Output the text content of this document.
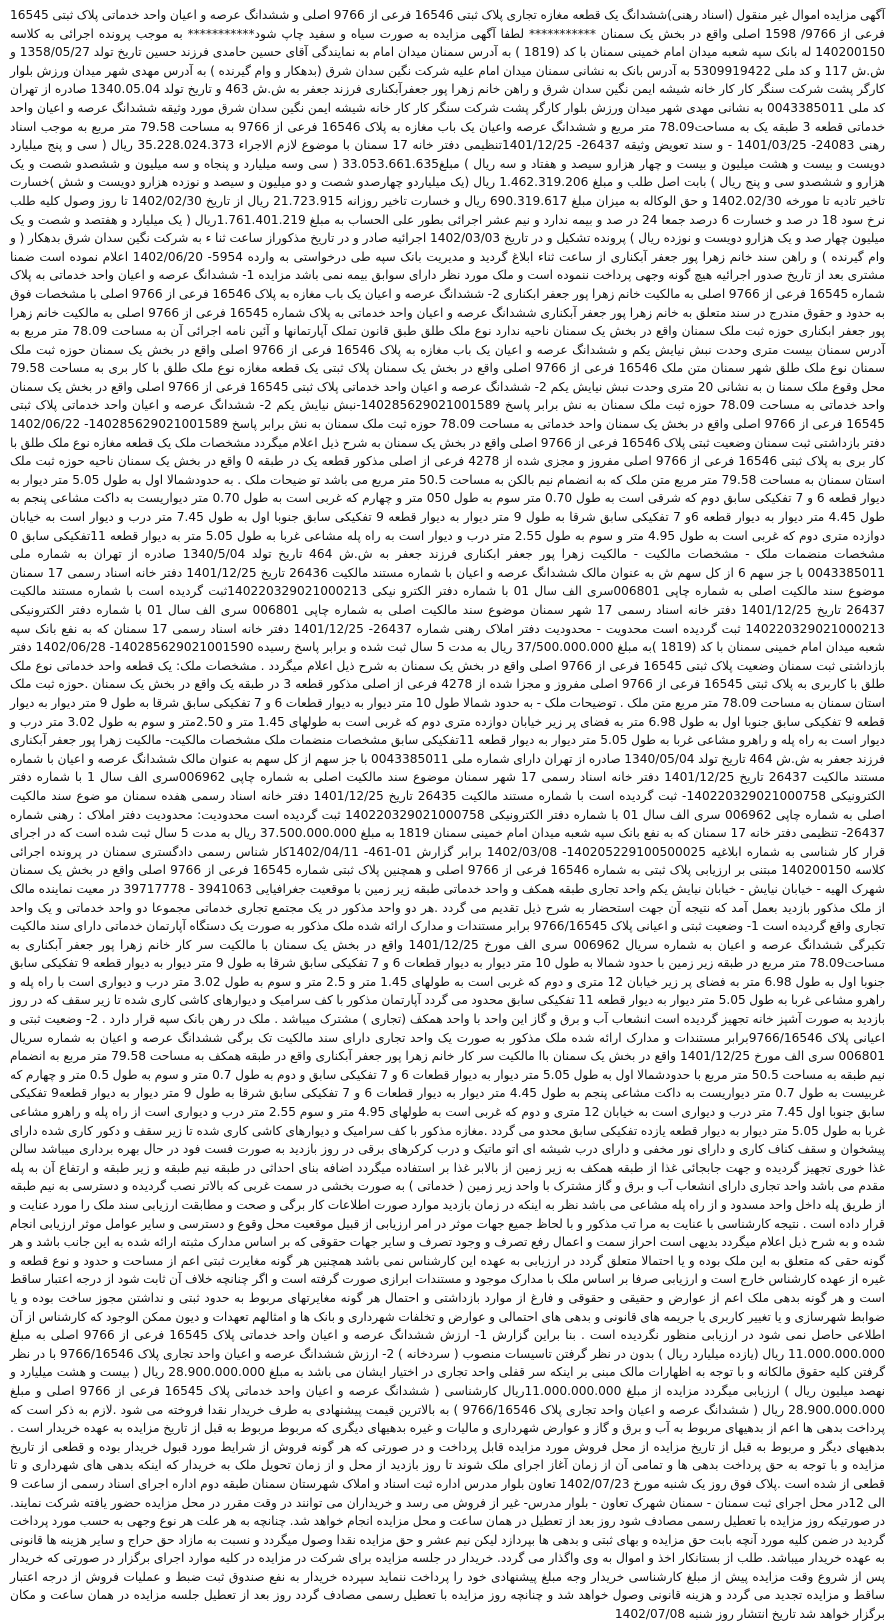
آگهی مزایده اموال غیر منقول (اسناد رهنی)ششدانگ یک قطعه مغازه تجاری پلاک ثبتی 16546 فرعی از 9766 اصلی و ششدانگ عرصه و اعیان واحد خدماتی پلاک ثبتی 16545 فرعی از 9766/ 1598 اصلی واقع در بخش یک سمنان *********** لطفا آگهی مزایده به صورت سیاه و سفید چاپ شود*********** به موجب پرونده اجرائی به کلاسه 140200150 له بانک سپه شعبه میدان امام خمینی سمنان با کد (1819 ) به آدرس سمنان میدان امام به نمایندگی آقای حسین حامدی فرزند حسین تاریخ تولد 1358/05/27 و ش.ش 117 و کد ملی 5309919422 به آدرس بانک به نشانی سمنان میدان امام علیه شرکت نگین سدان شرق (بدهکار و وام گیرنده ) به آدرس مهدی شهر میدان ورزش بلوار کارگر پشت شرکت سنگر کار کار خانه شیشه ایمن نگین سدان شرق و راهن خانم زهرا پور جعفرآبکناری فرزند جعفر به ش.ش 463 و تاریخ تولد 1340.05.04 صادره از تهران کد ملی 0043385011 به نشانی مهدی شهر میدان ورزش بلوار کارگر پشت شرکت سنگر کار کار خانه شیشه ایمن نگین سدان شرق مورد وثیقه ششدانگ عرصه و اعیان واحد خدماتی قطعه 3 طبقه یک به مساحت78.09 متر مربع و ششدانگ عرصه واعیان یک باب مغازه به پلاک 16546 فرعی از 9766 به مساحت 79.58 متر مربع به موجب اسناد رهنی 24083- 1401/03/25 - و سند تعویض وثیقه 26437- 1401/12/25تنظیمی دفتر خانه 17 سمنان با موضوع لازم الاجراء 35.228.024.373 ریال ( سی و پنج میلیارد دویست و بیست و هشت میلیون و بیست و چهار هزارو سیصد و هفتاد و سه ریال ) مبلغ33.053.661.635 ( سی وسه میلیارد و پنجاه و سه میلیون و ششصدو شصت و یک هزارو و ششصدو سی و پنج ریال ) بابت اصل طلب و مبلغ 1.462.319.206 ریال (یک میلیاردو چهارصدو شصت و دو میلیون و سیصد و نوزده هزارو دویست و شش )خسارت تاخیر تادیه تا مورخه 1402.02/30 و حق الوکاله به میزان مبلغ 690.319.617 ریال و خسارت تاخیر روزانه 21.723.915 ریال از تاریخ 1402/02/30 تا روز وصول کلیه طلب نرخ سود 18 در صد و خسارت 6 درصد جمعا 24 در صد و بیمه ندارد و نیم عشر اجرائی بطور علی الحساب به مبلغ 1.761.401.219ریال ( یک میلیارد و هفتصد و شصت و یک میلیون چهار صد و یک هزارو دویست و نوزده ریال ) پرونده تشکیل و در تاریخ 1402/03/03 اجرائیه صادر و در تاریخ مذکوراز ساعت ثنا ء به شرکت نگین سدان شرق بدهکار ( و وام گیرنده ) و راهن سند خانم زهرا پور جعفر آبکناری از ساعت ثناء ابلاغ گردید و مدیریت بانک سپه طی درخواستی به وارده 5954- 1402/06/20 اعلام نموده است ضمنا مشتری بعد از تاریخ صدور اجرائیه هیچ گونه وجهی پرداخت ننموده است و ملک مورد نظر دارای سوابق بیمه نمی باشد مزایده 1- ششدانگ عرصه و اعیان واحد خدماتی به پلاک شماره 16545 فرعی از 9766 اصلی به مالکیت خانم زهرا پور جعفر ابکناری 2- ششدانگ عرصه و اعیان یک باب مغازه به پلاک 16546 فرعی از 9766 اصلی با مشخصات فوق به حدود و حقوق مندرج در سند متعلق به خانم زهرا پور جعفر آبکناری ششدانگ عرصه و اعیان واحد خدماتی به پلاک شماره 16545 فرعی از 9766 اصلی به مالکیت خانم زهرا پور جعفر ابکناری حوزه ثبت ملک سمنان واقع در بخش یک سمنان ناحیه ندارد نوع ملک طلق طبق قانون تملک آپارتمانها و آئین نامه اجرائی آن به مساحت 78.09 متر مربع به آدرس سمنان بیست متری وحدت نبش نیایش یکم و ششدانگ عرصه و اعیان یک باب مغازه به پلاک 16546 فرعی از 9766 اصلی واقع در بخش یک سمنان حوزه ثبت ملک سمنان نوع ملک طلق شهر سمنان متن ملک 16546 فرعی از 9766 اصلی واقع در بخش یک سمنان پلاک ثبتی یک قطعه مغازه نوع ملک طلق با کار بری به مساحت 79.58 محل وقوع ملک سمنا ن به نشانی 20 متری وحدت نبش نیایش یکم 2- ششدانگ عرصه و اعیان واحد خدماتی پلاک ثبتی 16545 فرعی از 9766 اصلی واقع در بخش یک سمنان واحد خدماتی به مساحت 78.09 حوزه ثبت ملک سمنان به نش برابر پاسخ 140285629021001589-نبش نیایش یکم 2- ششدانگ عرصه و اعیان واحد خدماتی پلاک ثبتی 16545 فرعی از 9766 اصلی واقع در بخش یک سمنان واحد خدماتی به مساحت 78.09 حوزه ثبت ملک سمنان به نش برابر پاسخ 140285629021001589- 1402/06/22 دفتر بازداشتی ثبت سمنان وضعیت ثبتی پلاک 16546 فرعی از 9766 اصلی واقع در بخش یک سمنان به شرح ذیل اعلام میگردد مشخصات ملک یک قطعه مغازه نوع ملک طلق با کار بری به پلاک ثبتی 16546 فرعی از 9766 اصلی مفروز و مجزی شده از 4278 فرعی از اصلی مذکور قطعه یک در طبقه 0 واقع در بخش یک سمنان ناحیه حوزه ثبت ملک استان سمنان به مساحت 79.58 متر مربع متن ملک که به انضمام نیم بالکن به مساحت 50.5 متر مربع می باشد تو ضیحات ملک . به حدودشمالا اول به طول 5.05 متر دیوار به دیوار قطعه 6 و 7 تفکیکی سابق دوم که شرقی است به طول 0.70 متر سوم به طول 050 متر و چهارم که غربی است به طول 0.70 متر دیواریست به داکت مشاعی پنجم به طول 4.45 متر دیوار به دیوار قطعه 6و 7 تفکیکی سابق شرقا به طول 9 متر دیوار به دیوار قطعه 9 تفکیکی سابق جنوبا اول به طول 7.45 متر درب و دیوار است به خیابان دوازده متری دوم که غربی است به طول 4.95 متر و سوم به طول 2.55 متر درب و دیوار است به راه پله مشاعی غربا به طول 5.05 متر به دیوار قطعه 11تفکیکی سابق 0 مشخصات منضمات ملک - مشخصات مالکیت - مالکیت زهرا پور جعفر ابکناری فرزند جعفر به ش.ش 464 تاریخ تولد 1340/5/04 صادره از تهران به شماره ملی 0043385011 با جز سهم 6 از کل سهم ش به عنوان مالک ششدانگ عرصه و اعیان با شماره مستند مالکیت 26436 تاریخ 1401/12/25 دفتر خانه اسناد رسمی 17 سمنان موضوع سند مالکیت اصلی به شماره چاپی 006801سری الف سال 01 با شماره دفتر الکترو نیکی 140220329021000213ثبت گردیده است با شماره مستند مالکیت 26437 تاریخ 1401/12/25 دفتر خانه اسناد رسمی 17 شهر سمنان موضوع سند مالکیت اصلی به شماره چاپی 006801 سری الف سال 01 با شماره دفتر الکترونیکی 140220329021000213 ثبت گردیده است محدویت - محدودیت دفتر املاک رهنی شماره 26437- 1401/12/25 دفتر خانه اسناد رسمی 17 سمنان که به نفع بانک سپه شعبه میدان امام خمینی سمنان با کد (1819 )به مبلغ 37/500.000.000 ریال به مدت 5 سال ثبت شده و برابر پاسخ رسیده 140285629021001590- 1402/06/28 دفتر بازداشتی ثبت سمنان وضعیت پلاک ثبتی 16545 فرعی از 9766 اصلی واقع در بخش یک سمنان به شرح ذیل اعلام میگردد . مشخصات ملک: یک قطعه واحد خدماتی نوع ملک طلق با کاربری به پلاک ثبتی 16545 فرعی از 9766 اصلی مفروز و مجزا شده از 4278 فرعی از اصلی مذکور قطعه 3 در طبقه یک واقع در بخش یک سمنان .حوزه ثبت ملک استان سمنان به مساحت 78.09 متر مربع متن ملک . توضیحات ملک - به حدود شمالا طول 10 متر دیوار به دیوار قطعات 6 و 7 تفکیکی سابق شرقا به طول 9 متر دیوار به دیوار قطعه 9 تفکیکی سابق جنوبا اول به طول 6.98 متر به فضای پر زیر خیابان دوازده متری دوم که غربی است به طولهای 1.45 متر و 2.50متر و سوم به طول 3.02 متر درب و دیوار است به راه پله و راهرو مشاعی غربا به طول 5.05 متر دیوار به دیوار قطعه 11تفکیکی سابق مشخصات منضمات ملک مشخصات مالکیت- مالکیت زهرا پور جعفر آبکناری فرزند جعفر به ش.ش 464 تاریخ تولد 1340/05/04 صادره از تهران دارای شماره ملی 0043385011 با جز سهم از کل سهم به عنوان مالک ششدانگ عرصه و اعیان با شماره مستند مالکیت 26437 تاریخ 1401/12/25 دفتر خانه اسناد رسمی 17 شهر سمنان موضوع سند مالکیت اصلی به شماره چاپی 006962سری الف سال 1 با شماره دفتر الکترونیکی 140220329021000758- ثبت گردیده است با شماره مستند مالکیت 26435 تاریخ 1401/12/25 دفتر خانه اسناد رسمی هفده سمنان مو ضوع سند مالکیت اصلی به شماره چاپی 006962 سری الف سال 01 با شماره دفتر الکترونیکی 140220329021000758 ثبت گردیده است محدودیت: محدودیت دفتر املاک : رهنی شماره 26437- تنظیمی دفتر خانه 17 سمنان که به نفع بانک سپه شعبه میدان امام خمینی سمنان 1819 به مبلغ 37.500.000.000 ریال به مدت 5 سال ثبت شده است که در اجرای قرار کار شناسی به شماره ابلاغیه 140205229100500025- 1402/03/08 برابر گزارش 01-461- 1402/04/11کار شناس رسمی دادگستری سمنان در پرونده اجرائی کلاسه 140200150 مبتنی بر ارزیابی پلاک ثبتی به شماره 16546 فرعی از 9766 اصلی و همچنین پلاک ثبتی شماره 16545 فرعی از 9766 اصلی واقع در بخش یک سمنان شهرک الهیه - خیابان نیایش - خیابان نیایش یکم واحد تجاری طبقه همکف و واحد خدماتی طبقه زیر زمین با موقعیت جغرافیایی 3941063 - 39717778 در معیت نماینده مالک از ملک مذکور بازدید بعمل آمد که نتیجه آن جهت استحضار به شرح ذیل تقدیم می گردد .هر دو واحد مذکور در یک مجتمع تجاری خدماتی مجموعا دو واحد خدماتی و یک واحد تجاری واقع گردیده است 1- وضعیت ثبتی و اعیانی پلاک 9766/16545 برابر مستندات و مدارک ارائه شده ملک مذکور به صورت یک دستگاه آپارتمان خدماتی دارای سند مالکیت تکبرگی ششدانگ عرصه و اعیان به شماره سریال 006962 سری الف مورخ 1401/12/25 واقع در بخش یک سمنان با مالکیت سر کار خانم زهرا پور جعفر آبکناری به مساحت78.09 متر مربع در طبقه زیر زمین با حدود شمالا به طول 10 متر دیوار به دیوار قطعات 6 و 7 تفکیکی سابق شرقا به طول 9 متر دیوار به دیوار قطعه 9 تفکیکی سابق جنوبا اول به طول 6.98 متر به فضای پر زیر خیابان 12 متری و دوم که غربی است به طولهای 1.45 متر و 2.5 متر و سوم به طول 3.02 متر درب و دیواری است با راه پله و راهرو مشاعی غربا به طول 5.05 متر دیوار به دیوار قطعه 11 تفکیکی سابق محدود می گردد آپارتمان مذکور با کف سرامیک و دیوارهای کاشی کاری شده تا زیر سقف که در روز بازدید به صورت آشپز خانه تجهیز گردیده است انشعاب آب و برق و گاز این واحد با واحد همکف (تجاری ) مشترک میباشد . ملک در رهن بانک سپه قرار دارد . 2- وضعیت ثبتی و اعیانی پلاک 9766/16546برابر مستندات و مدارک ارائه شده ملک مذکور به صورت یک واحد تجاری دارای سند مالکیت تک برگی ششدانگ عرصه و اعیان به شماره سریال 006801 سری الف مورخ 1401/12/25 واقع در بخش یک سمنان باا مالکیت سر کار خانم زهرا پور جعفر آبکناری واقع در طبقه همکف به مساحت 79.58 متر مربع به انضمام نیم طبقه به مساحت 50.5 متر مربع با حدودشمالا اول به طول 5.05 متر دیوار به دیوار قطعات 6 و 7 تفکیکی سابق و دوم به طول 0.7 متر و سوم به طول 0.5 متر و چهارم که غربیست به طول 0.7 متر دیواریست به داکت مشاعی پنجم به طول 4.45 متر دیوار به دیوار قطعات 6 و 7 تفکیکی سابق شرقا به طول 9 متر دیوار به دیوار قطعه9 تفکیکی سابق جنوبا اول 7.45 متر درب و دیواری است به خیابان 12 متری و دوم که غربی است به طولهای 4.95 متر و سوم 2.55 متر درب و دیواری است از راه پله و راهرو مشاعی غربا به طول 5.05 متر دیوار به دیوار قطعه یازده تفکیکی سابق محدو می گردد .مغازه مذکور با کف سرامیک و دیوارهای کاشی کاری شده تا زیر سقف و دکور کاری شده دارای پیشخوان و سقف کناف کاری و دارای نور مخفی و دارای درب شیشه ای اتو ماتیک و درب کرکرهای برقی در روز بازدید به صورت فست فود در حال بهره برداری میباشد سالن غذا خوری تجهیز گردیده و جهت جابجائی غذا از طبقه همکف به زیر زمین از بالابر غذا بر استفاده میگردد اضافه بنای احداثی در طبقه نیم طبقه و زیر طبقه و ارتفاع آن به پله مقدم می باشد واحد تجاری دارای انشعاب آب و برق و گاز مشترک با واحد زیر زمین ( خدماتی ) به صورت بخشی در سمت غربی که بالاتر نصب گردیده و دسترسی به نیم طبقه از طریق پله داخل واحد مسدود و از راه پله مشاعی می باشد نظر به اینکه در زمان بازدید موارد صورت اطلاعات کار برگی و صحت و مطابقت ارزیابی سند ملک را مورد عنایت و قرار داده است . نتیجه کارشناسی با عنایت به مرا تب مذکور و با لحاظ جمیع جهات موثر در امر ارزیابی از قبیل موقعیت محل وقوع و دسترسی و سایر عوامل موثر ارزیابی انجام شده و به شرح ذیل اعلام میگردد بدیهی است احراز سمت و اعمال رفع تصرف و وجود تصرف و سایر جهات حقوقی که بر اساس مدارک مثبته ارائه شده به این جانب باشد و هر گونه حقی که متعلق به این ملک بوده و یا احتمالا متعلق گردد در ارزیابی به عهده این کارشناس نمی باشد همچنین هر گونه مغایرت ثبتی اعم از مساحت و حدود و نوع قطعه و غیره از عهده کارشناس خارج است و ارزیابی صرفا بر اساس ملک با مدارک موجود و مستندات ابرازی صورت گرفته است و اگر چنانچه خلاف آن ثابت شود از درجه اعتبار ساقط است و هر گونه بدهی ملک اعم از عوارض و حقیقی و حقوقی و فارغ از موارد بازداشتی و احتمال هر گونه مغایرتهای مربوط به حدود ثبتی و نداشتن مجوز ساخت بوده و یا ضوابط شهرسازی و یا تغییر کاربری یا جریمه های قانونی و بدهی های احتمالی و عوارض و تخلفات شهرداری و بانک ها و امثالهم تعهدات و دیون ممکن الوجود که کارشناس از آن اطلاعی حاصل نمی شود در ارزیابی منظور نگردیده است . بنا براین گزارش 1- ارزش ششدانگ عرصه و اعیان واحد خدماتی پلاک 16545 فرعی از 9766 اصلی به مبلغ 11.000.000.000 ریال (یازده میلیارد ریال ) بدون در نظر گرفتن تاسیسات منصوب ( سردخانه ) 2- ارزش ششدانگ عرصه و اعیان واحد تجاری پلاک 9766/16546 با در نظر گرفتن کلیه حقوق مالکانه و با توجه به اظهارات مالک مبنی بر اینکه سر قفلی واحد تجاری در اختیار ایشان می باشد به مبلغ 28.900.000.000 ریال ( بیست و هشت میلیارد و نهصد میلیون ریال ) ارزیابی میگردد مزایده از مبلغ 11.000.000.000ریال کارشناسی ( ششدانگ عرصه و اعیان واحد خدماتی پلاک 16545 فرعی از 9766 اصلی و مبلغ 28.900.000.000 ریال ( ششدانگ عرصه و اعیان واحد تجاری پلاک 9766/16546 ) به بالاترین قیمت پیشنهادی به طرف خریدار نقدا فروخته می شود .لازم به ذکر است که پرداخت بدهی ها اعم از بدهیهای مربوط به آب و برق و گاز و عوارض شهرداری و مالیات و غیره بدهیهای دیگری که مربوط مربوط به قبل از تاریخ مزایده به عهده خریدار است . بدهیهای دیگر و مربوط به قبل از تاریخ مزایده از محل فروش مورد مزایده قابل پرداخت و در صورتی که هر گونه فروش از شرایط مورد قبول خریدار بوده و قطعی از تاریخ مزایده و با توجه به حق پرداخت بدهی ها و تمامی آن از زمان آغاز اجرای ملک شوند تا روز بازدید از محل و از زمان تحویل ملک به خریدار که اینکه بدهی های شهرداری و تا قطعی از شده است .پلاک فوق روز یک شنبه مورخ 1402/07/23 تعاون بلوار مدرس اداره ثبت اسناد و املاک شهرستان سمنان طبقه دوم اداره اجرای اسناد رسمی از ساعت 9 الی 12در محل اجرای ثبت سمنان - سمنان شهرک تعاون - بلوار مدرس- غیر از فروش می رسد و خریداران می توانند در وقت مقرر در محل مزایده حضور یافته شرکت نمایند. در صورتیکه روز مزایده با تعطیل رسمی مصادف شود روز بعد از تعطیل در همان ساعت و محل مزایده انجام خواهد شد. چنانچه به هر علت هر نوع وجهی به حسب مورد پرداخت گردید در ضمن کلیه مورد آنچه بابت حق مزایده و بهای ثبتی و بدهی ها بپردازد لیکن نیم عشر و حق مزایده نقدا وصول میگردد و نسبت به مازاد حق حراج و سایر هزینه ها قانونی به عهده خریدار میباشد. طلب از بستانکار اخذ و اموال به وی واگذار می گردد. خریدار در جلسه مزایده برای شرکت در مزایده در کلیه موارد اجرای برگزار در صورتی که خریدار پس از شروع وقت مزایده پیش از مبلغ کارشناسی خریدار وجه مبلغ پیشنهادی خود را پرداخت ننماید سپرده خریدار به نفع صندوق ثبت ضبط و عملیات فروش از درجه اعتبار ساقط و مزایده تجدید می گردد و هزینه قانونی وصول خواهد شد و چنانچه روز مزایده با تعطیل رسمی مصادف گردد روز بعد از تعطیل جلسه مزایده در همان ساعت و مکان برگزار خواهد شد تاریخ انتشار روز شنبه 1402/07/08
